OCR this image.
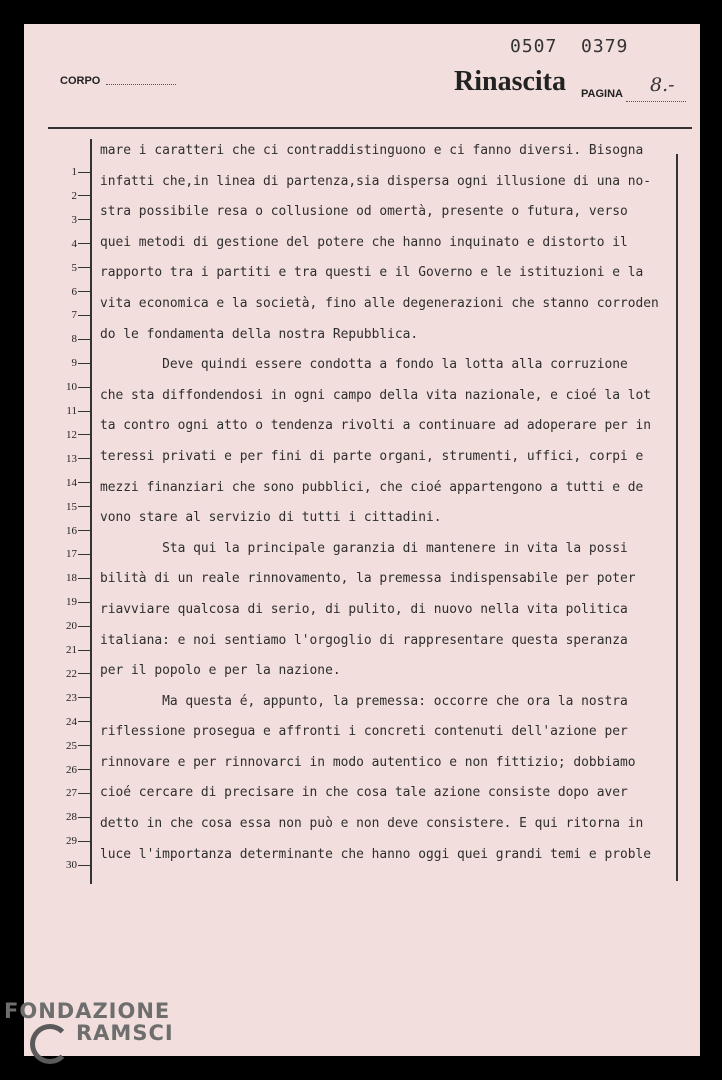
0507  0379
CORPO	Rinascita PAGINA 8.-
1
2
3
4
5
6
7
8
9
10
11
12
13
14
15
16
17
18
19
20
21
22
23
24
25
26
27
28
29
30
mare i caratteri che ci contraddistinguono e ci fanno diversi. Bisogna
infatti che,in linea di partenza,sia dispersa ogni illusione di una no-
stra possibile resa o collusione od omertà, presente o futura, verso
quei metodi di gestione del potere che hanno inquinato e distorto il
rapporto tra i partiti e tra questi e il Governo e le istituzioni e la
vita economica e la società, fino alle degenerazioni che stanno corroden
do le fondamenta della nostra Repubblica.
Deve quindi essere condotta a fondo la lotta alla corruzione
che sta diffondendosi in ogni campo della vita nazionale, e cioé la lot
ta contro ogni atto o tendenza rivolti a continuare ad adoperare per in
teressi privati e per fini di parte organi, strumenti, uffici, corpi e
mezzi finanziari che sono pubblici, che cioé appartengono a tutti e de
vono stare al servizio di tutti i cittadini.
Sta qui la principale garanzia di mantenere in vita la possi
bilità di un reale rinnovamento, la premessa indispensabile per poter
riavviare qualcosa di serio, di pulito, di nuovo nella vita politica
italiana: e noi sentiamo l'orgoglio di rappresentare questa speranza
per il popolo e per la nazione.
Ma questa é, appunto, la premessa: occorre che ora la nostra
riflessione prosegua e affronti i concreti contenuti dell'azione per
rinnovare e per rinnovarci in modo autentico e non fittizio; dobbiamo
cioé cercare di precisare in che cosa tale azione consiste dopo aver
detto in che cosa essa non può e non deve consistere. E qui ritorna in
luce l'importanza determinante che hanno oggi quei grandi temi e proble
FONDAZIONE
RAMSCI
